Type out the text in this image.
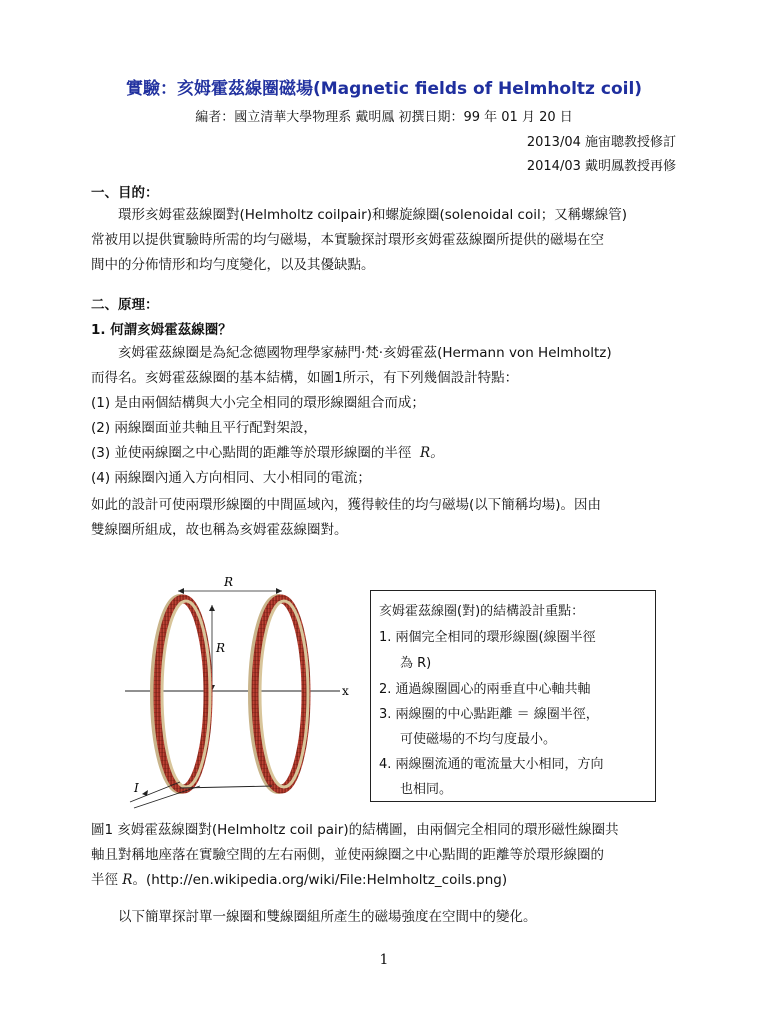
實驗：亥姆霍茲線圈磁場(Magnetic fields of Helmholtz coil)
編者：國立清華大學物理系 戴明鳳 初撰日期：99 年 01 月 20 日
2013/04 施宙聰教授修訂
2014/03 戴明鳳教授再修
一、目的：
環形亥姆霍茲線圈對(Helmholtz coilpair)和螺旋線圈(solenoidal coil；又稱螺線管)
常被用以提供實驗時所需的均勻磁場，本實驗探討環形亥姆霍茲線圈所提供的磁場在空
間中的分佈情形和均勻度變化，以及其優缺點。
二、原理：
1. 何謂亥姆霍茲線圈？
亥姆霍茲線圈是為紀念德國物理學家赫門·梵·亥姆霍茲(Hermann von Helmholtz)
而得名。亥姆霍茲線圈的基本結構，如圖1所示，有下列幾個設計特點：
(1) 是由兩個結構與大小完全相同的環形線圈組合而成；
(2) 兩線圈面並共軸且平行配對架設，
(3) 並使兩線圈之中心點間的距離等於環形線圈的半徑 R。
(4) 兩線圈內通入方向相同、大小相同的電流；
如此的設計可使兩環形線圈的中間區域內，獲得較佳的均勻磁場(以下簡稱均場)。因由
雙線圈所組成，故也稱為亥姆霍茲線圈對。
R
R
x
I
亥姆霍茲線圈(對)的結構設計重點：
1. 兩個完全相同的環形線圈(線圈半徑
為 R)
2. 通過線圈圓心的兩垂直中心軸共軸
3. 兩線圈的中心點距離 ＝ 線圈半徑，
可使磁場的不均勻度最小。
4. 兩線圈流通的電流量大小相同，方向
也相同。
圖1 亥姆霍茲線圈對(Helmholtz coil pair)的結構圖，由兩個完全相同的環形磁性線圈共
軸且對稱地座落在實驗空間的左右兩側，並使兩線圈之中心點間的距離等於環形線圈的
半徑 R。(http://en.wikipedia.org/wiki/File:Helmholtz_coils.png)
以下簡單探討單一線圈和雙線圈組所產生的磁場強度在空間中的變化。
1
